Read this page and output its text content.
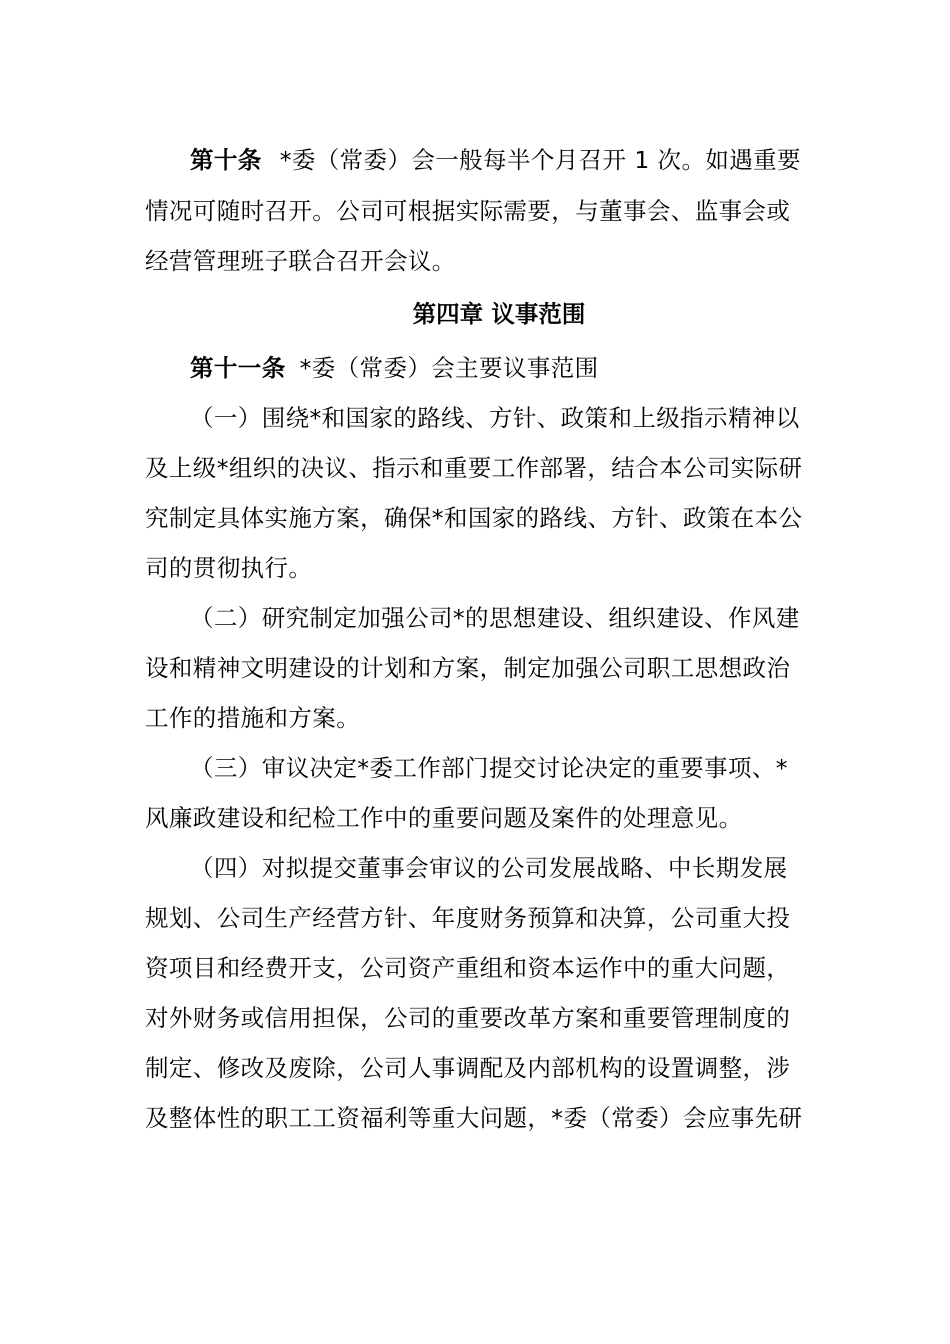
第十条 *委（常委）会一般每半个月召开 1 次。如遇重要
情况可随时召开。公司可根据实际需要，与董事会、监事会或
经营管理班子联合召开会议。
第四章 议事范围
第十一条 *委（常委）会主要议事范围
（一）围绕*和国家的路线、方针、政策和上级指示精神以
及上级*组织的决议、指示和重要工作部署，结合本公司实际研
究制定具体实施方案，确保*和国家的路线、方针、政策在本公
司的贯彻执行。
（二）研究制定加强公司*的思想建设、组织建设、作风建
设和精神文明建设的计划和方案，制定加强公司职工思想政治
工作的措施和方案。
（三）审议决定*委工作部门提交讨论决定的重要事项、*
风廉政建设和纪检工作中的重要问题及案件的处理意见。
（四）对拟提交董事会审议的公司发展战略、中长期发展
规划、公司生产经营方针、年度财务预算和决算，公司重大投
资项目和经费开支，公司资产重组和资本运作中的重大问题，
对外财务或信用担保，公司的重要改革方案和重要管理制度的
制定、修改及废除，公司人事调配及内部机构的设置调整，涉
及整体性的职工工资福利等重大问题，*委（常委）会应事先研
